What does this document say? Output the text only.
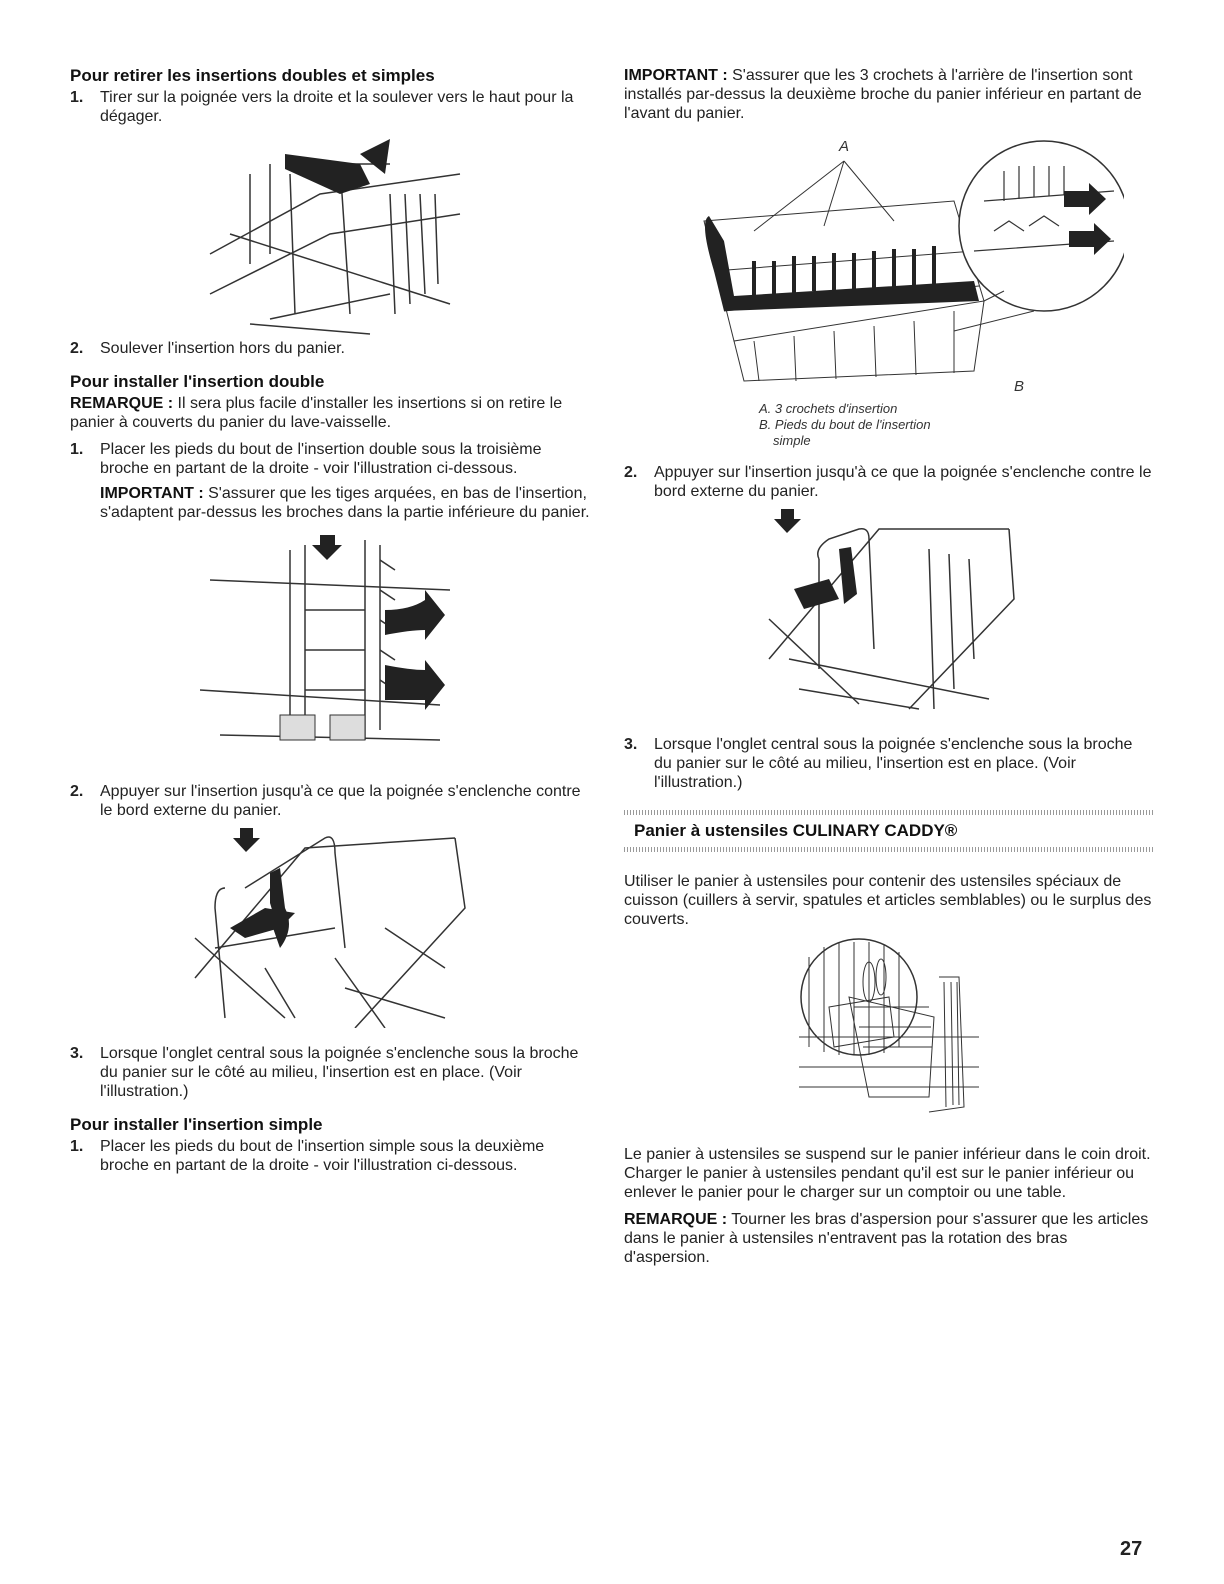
Pour retirer les insertions doubles et simples
1.	Tirer sur la poignée vers la droite et la soulever vers le haut pour la dégager.
2.	Soulever l'insertion hors du panier.
Pour installer l'insertion double

REMARQUE : Il sera plus facile d'installer les insertions si on retire le panier à couverts du panier du lave-vaisselle.

1.	Placer les pieds du bout de l'insertion double sous la troisième broche en partant de la droite - voir l'illustration ci-dessous.

IMPORTANT : S'assurer que les tiges arquées, en bas de l'insertion, s'adaptent par-dessus les broches dans la partie inférieure du panier.

2.	Appuyer sur l'insertion jusqu'à ce que la poignée s'enclenche contre le bord externe du panier.
3.	Lorsque l'onglet central sous la poignée s'enclenche sous la broche du panier sur le côté au milieu, l'insertion est en place. (Voir l'illustration.)
Pour installer l'insertion simple
1.	Placer les pieds du bout de l'insertion simple sous la deuxième broche en partant de la droite - voir l'illustration ci-dessous.

IMPORTANT : S'assurer que les 3 crochets à l'arrière de l'insertion sont installés par-dessus la deuxième broche du panier inférieur en partant de l'avant du panier.

A
B
A. 3 crochets d'insertion
B. Pieds du bout de l'insertion
simple
2.	Appuyer sur l'insertion jusqu'à ce que la poignée s'enclenche contre le bord externe du panier.
3.	Lorsque l'onglet central sous la poignée s'enclenche sous la broche du panier sur le côté au milieu, l'insertion est en place. (Voir l'illustration.)
Panier à ustensiles CULINARY CADDY®

Utiliser le panier à ustensiles pour contenir des ustensiles spéciaux de cuisson (cuillers à servir, spatules et articles semblables) ou le surplus des couverts.

Le panier à ustensiles se suspend sur le panier inférieur dans le coin droit. Charger le panier à ustensiles pendant qu'il est sur le panier inférieur ou enlever le panier pour le charger sur un comptoir ou une table.

REMARQUE : Tourner les bras d'aspersion pour s'assurer que les articles dans le panier à ustensiles n'entravent pas la rotation des bras d'aspersion.

27
